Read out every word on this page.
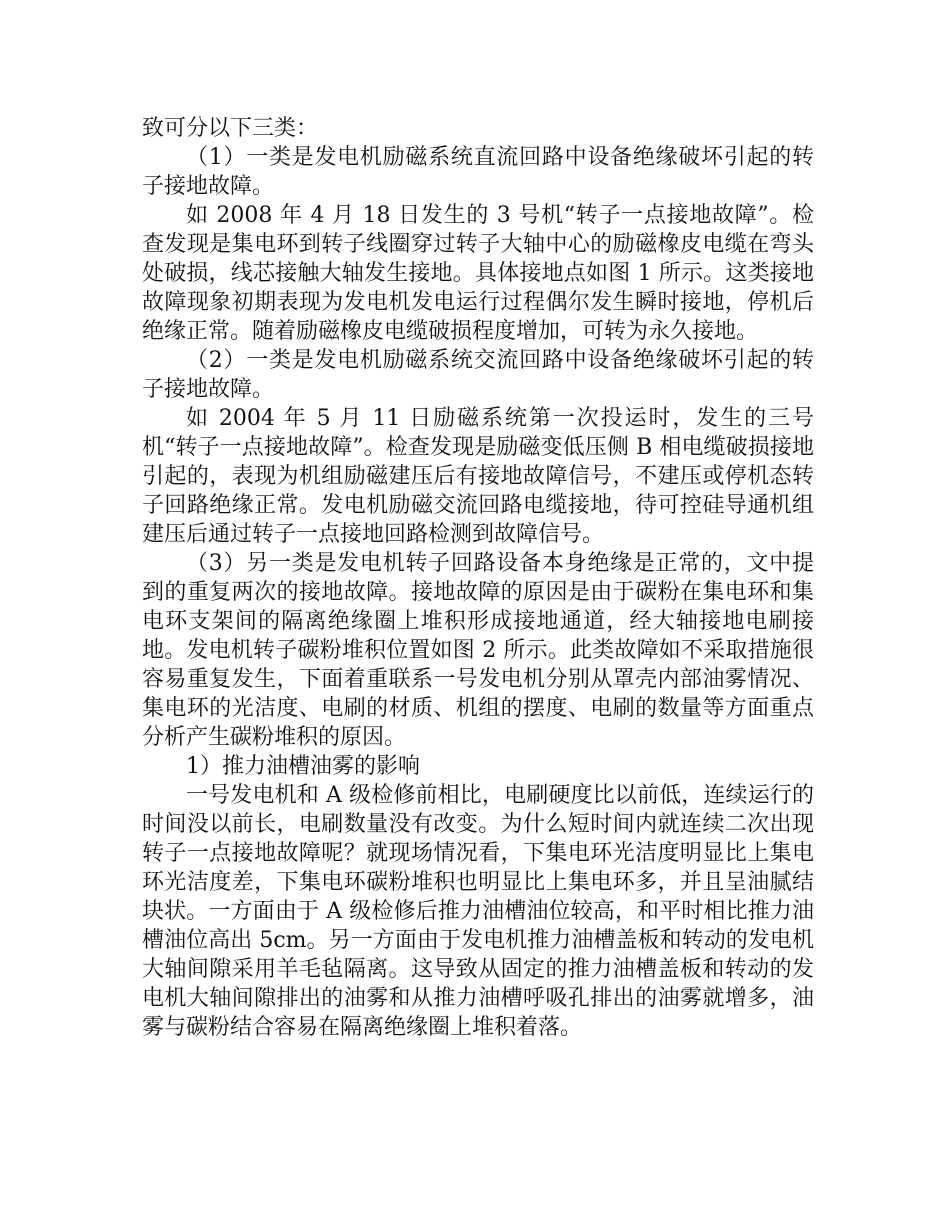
致可分以下三类：

（1）一类是发电机励磁系统直流回路中设备绝缘破坏引起的转子接地故障。

如 2008 年 4 月 18 日发生的 3 号机“转子一点接地故障”。检查发现是集电环到转子线圈穿过转子大轴中心的励磁橡皮电缆在弯头处破损，线芯接触大轴发生接地。具体接地点如图 1 所示。这类接地故障现象初期表现为发电机发电运行过程偶尔发生瞬时接地，停机后绝缘正常。随着励磁橡皮电缆破损程度增加，可转为永久接地。

（2）一类是发电机励磁系统交流回路中设备绝缘破坏引起的转子接地故障。

如 2004 年 5 月 11 日励磁系统第一次投运时，发生的三号机“转子一点接地故障”。检查发现是励磁变低压侧 B 相电缆破损接地引起的，表现为机组励磁建压后有接地故障信号，不建压或停机态转子回路绝缘正常。发电机励磁交流回路电缆接地，待可控硅导通机组建压后通过转子一点接地回路检测到故障信号。

（3）另一类是发电机转子回路设备本身绝缘是正常的，文中提到的重复两次的接地故障。接地故障的原因是由于碳粉在集电环和集电环支架间的隔离绝缘圈上堆积形成接地通道，经大轴接地电刷接地。发电机转子碳粉堆积位置如图 2 所示。此类故障如不采取措施很容易重复发生，下面着重联系一号发电机分别从罩壳内部油雾情况、集电环的光洁度、电刷的材质、机组的摆度、电刷的数量等方面重点分析产生碳粉堆积的原因。

1）推力油槽油雾的影响

一号发电机和 A 级检修前相比，电刷硬度比以前低，连续运行的时间没以前长，电刷数量没有改变。为什么短时间内就连续二次出现转子一点接地故障呢？就现场情况看，下集电环光洁度明显比上集电环光洁度差，下集电环碳粉堆积也明显比上集电环多，并且呈油腻结块状。一方面由于 A 级检修后推力油槽油位较高，和平时相比推力油槽油位高出 5cm。另一方面由于发电机推力油槽盖板和转动的发电机大轴间隙采用羊毛毡隔离。这导致从固定的推力油槽盖板和转动的发电机大轴间隙排出的油雾和从推力油槽呼吸孔排出的油雾就增多，油雾与碳粉结合容易在隔离绝缘圈上堆积着落。
